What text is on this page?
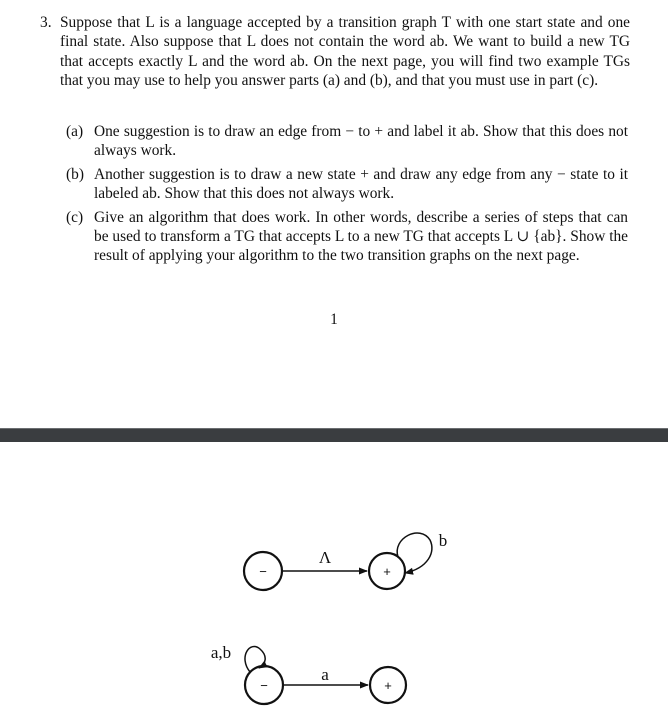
3. Suppose that L is a language accepted by a transition graph T with one start state and one final state. Also suppose that L does not contain the word ab. We want to build a new TG that accepts exactly L and the word ab. On the next page, you will find two example TGs that you may use to help you answer parts (a) and (b), and that you must use in part (c).
(a) One suggestion is to draw an edge from − to + and label it ab. Show that this does not always work.
(b) Another suggestion is to draw a new state + and draw any edge from any − state to it labeled ab. Show that this does not always work.
(c) Give an algorithm that does work. In other words, describe a series of steps that can be used to transform a TG that accepts L to a new TG that accepts L ∪ {ab}. Show the result of applying your algorithm to the two transition graphs on the next page.
1
−	+
Λ
b
−	+
a
a,b
